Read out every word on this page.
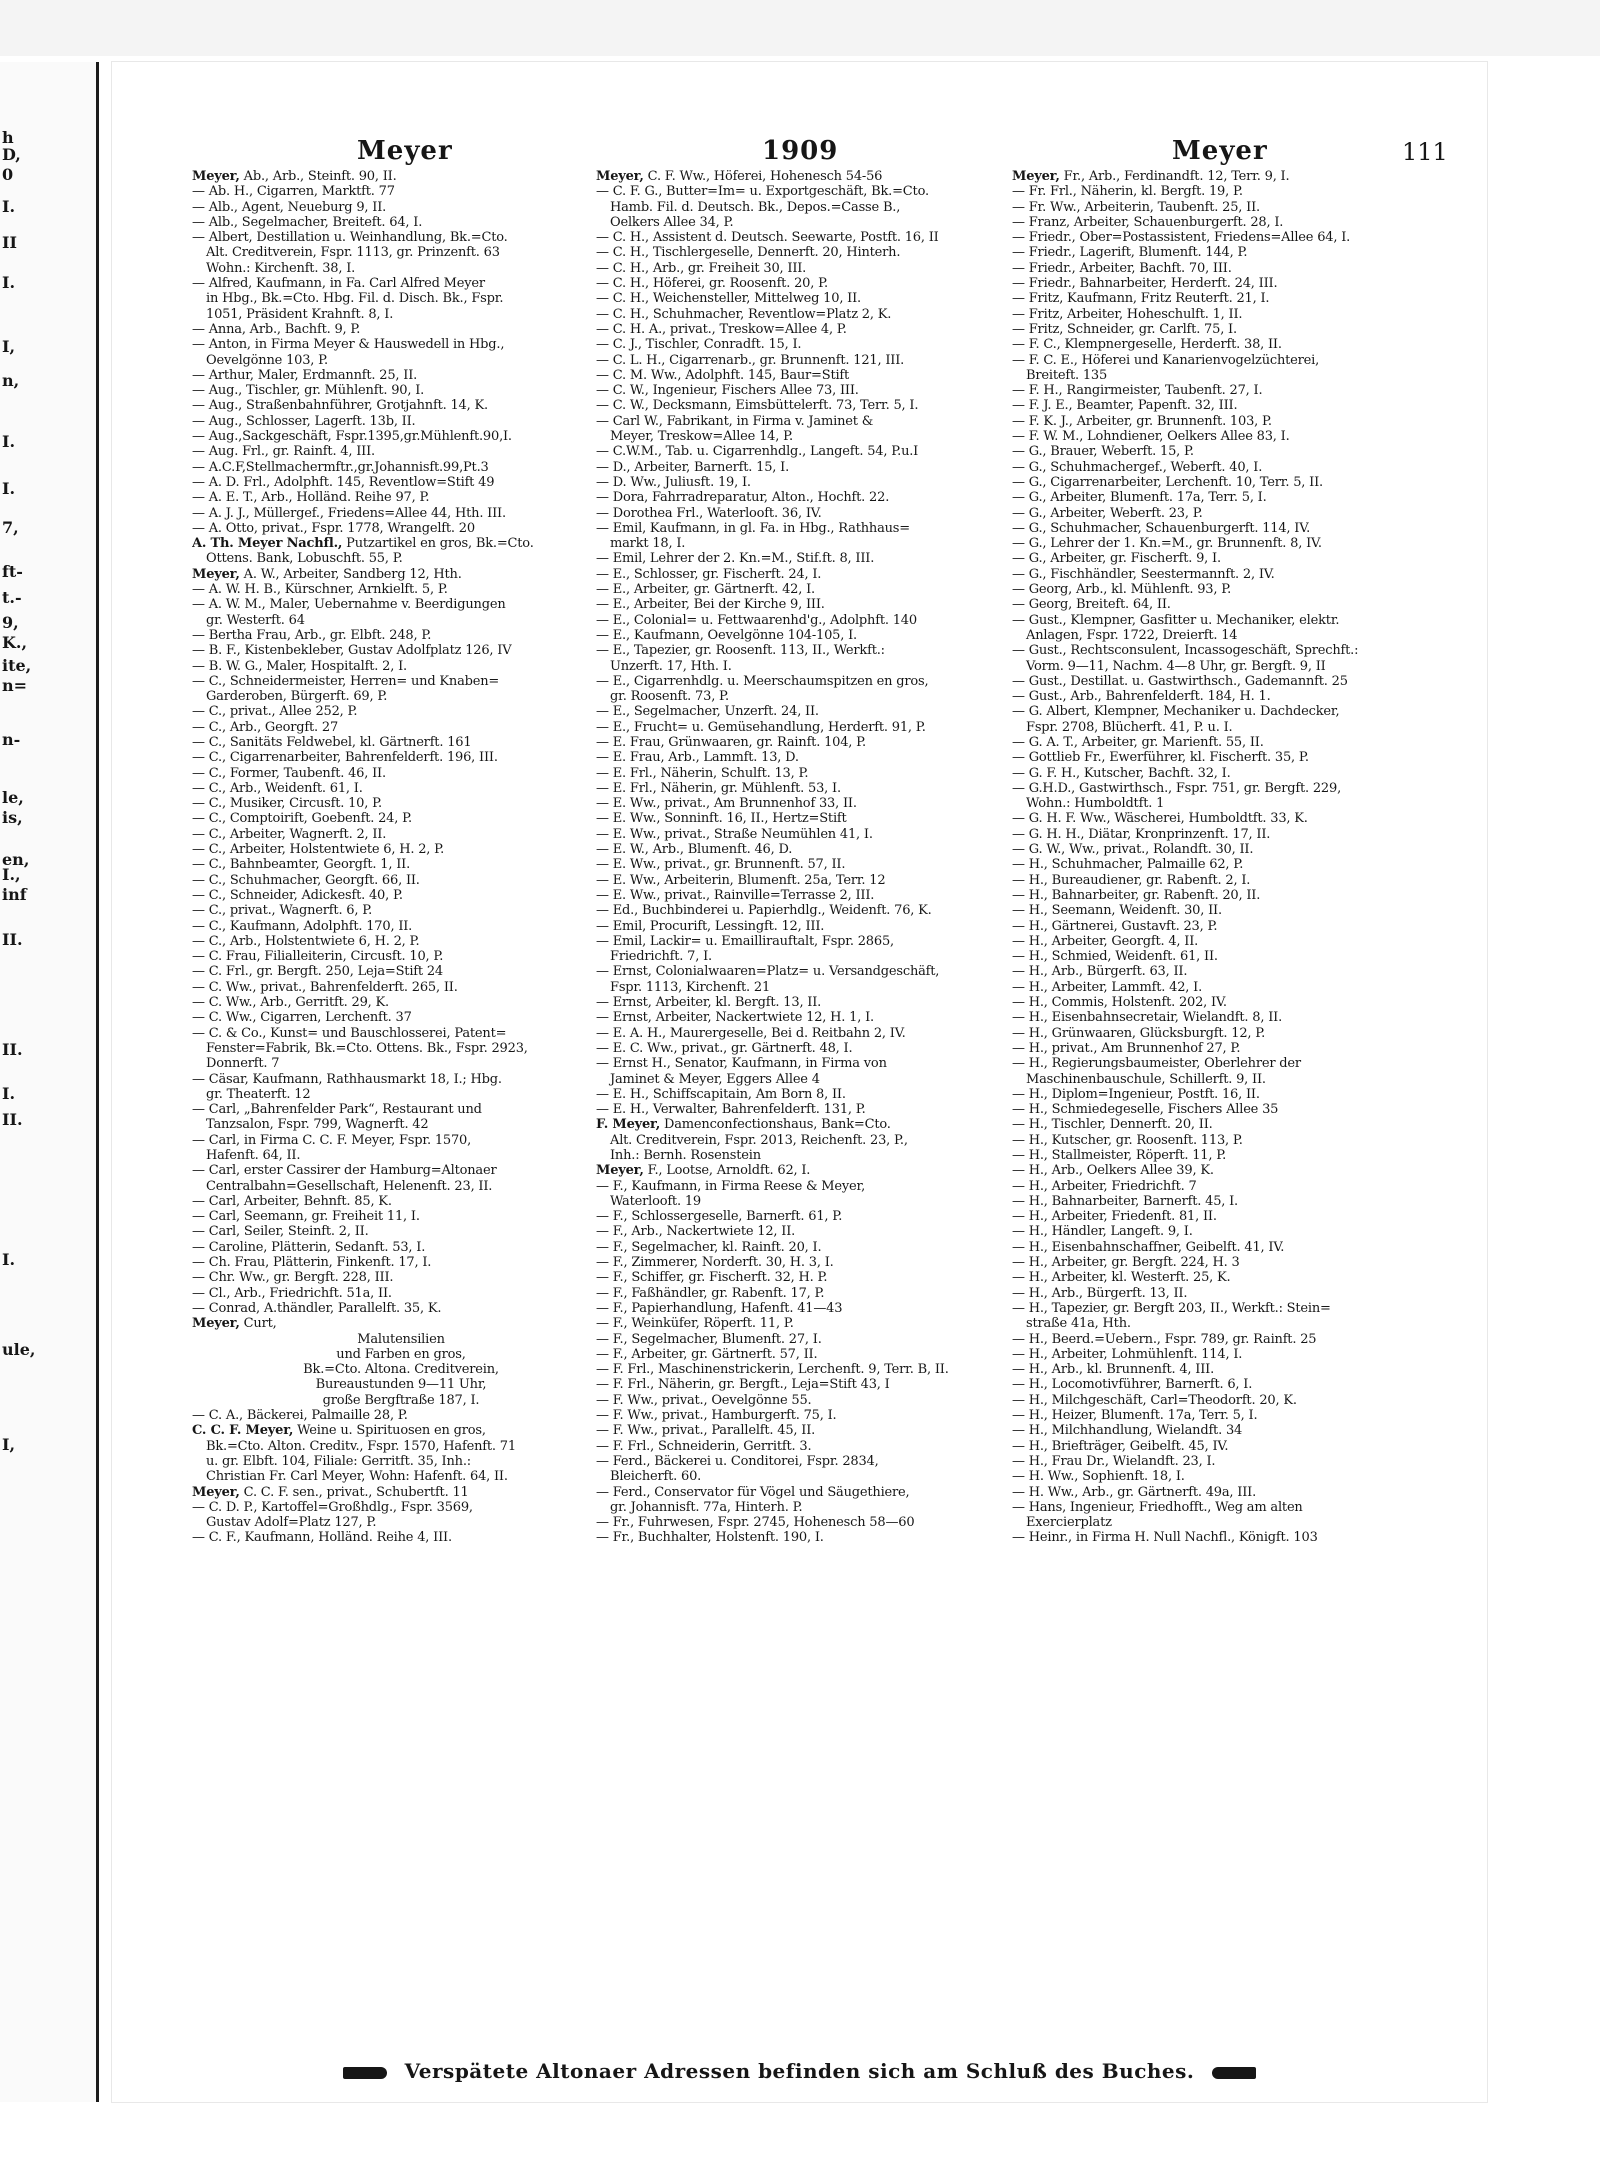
h
D,
0
I.
II
I.
I,
n,
I.
I.
7,
ft-
t.-
9,
K.,
ite,
n=
n-
le,
is,
en,
I.,
inf
II.
II.
I.
II.
I.
ule,
I,
Meyer	1909	Meyer	111
Meyer, Ab., Arb., Steinft. 90, II.
— Ab. H., Cigarren, Marktft. 77
— Alb., Agent, Neueburg 9, II.
— Alb., Segelmacher, Breiteft. 64, I.
— Albert, Destillation u. Weinhandlung, Bk.=Cto.
Alt. Creditverein, Fspr. 1113, gr. Prinzenft. 63
Wohn.: Kirchenft. 38, I.
— Alfred, Kaufmann, in Fa. Carl Alfred Meyer
in Hbg., Bk.=Cto. Hbg. Fil. d. Disch. Bk., Fspr.
1051, Präsident Krahnft. 8, I.
— Anna, Arb., Bachft. 9, P.
— Anton, in Firma Meyer & Hauswedell in Hbg.,
Oevelgönne 103, P.
— Arthur, Maler, Erdmannft. 25, II.
— Aug., Tischler, gr. Mühlenft. 90, I.
— Aug., Straßenbahnführer, Grotjahnft. 14, K.
— Aug., Schlosser, Lagerft. 13b, II.
— Aug.,Sackgeschäft, Fspr.1395,gr.Mühlenft.90,I.
— Aug. Frl., gr. Rainft. 4, III.
— A.C.F,Stellmachermftr.,gr.Johannisft.99,Pt.3
— A. D. Frl., Adolphft. 145, Reventlow=Stift 49
— A. E. T., Arb., Holländ. Reihe 97, P.
— A. J. J., Müllergef., Friedens=Allee 44, Hth. III.
— A. Otto, privat., Fspr. 1778, Wrangelft. 20
A. Th. Meyer Nachfl., Putzartikel en gros, Bk.=Cto.
Ottens. Bank, Lobuschft. 55, P.
Meyer, A. W., Arbeiter, Sandberg 12, Hth.
— A. W. H. B., Kürschner, Arnkielft. 5, P.
— A. W. M., Maler, Uebernahme v. Beerdigungen
gr. Westerft. 64
— Bertha Frau, Arb., gr. Elbft. 248, P.
— B. F., Kistenbekleber, Gustav Adolfplatz 126, IV
— B. W. G., Maler, Hospitalft. 2, I.
— C., Schneidermeister, Herren= und Knaben=
Garderoben, Bürgerft. 69, P.
— C., privat., Allee 252, P.
— C., Arb., Georgft. 27
— C., Sanitäts Feldwebel, kl. Gärtnerft. 161
— C., Cigarrenarbeiter, Bahrenfelderft. 196, III.
— C., Former, Taubenft. 46, II.
— C., Arb., Weidenft. 61, I.
— C., Musiker, Circusft. 10, P.
— C., Comptoirift, Goebenft. 24, P.
— C., Arbeiter, Wagnerft. 2, II.
— C., Arbeiter, Holstentwiete 6, H. 2, P.
— C., Bahnbeamter, Georgft. 1, II.
— C., Schuhmacher, Georgft. 66, II.
— C., Schneider, Adickesft. 40, P.
— C., privat., Wagnerft. 6, P.
— C., Kaufmann, Adolphft. 170, II.
— C., Arb., Holstentwiete 6, H. 2, P.
— C. Frau, Filialleiterin, Circusft. 10, P.
— C. Frl., gr. Bergft. 250, Leja=Stift 24
— C. Ww., privat., Bahrenfelderft. 265, II.
— C. Ww., Arb., Gerritft. 29, K.
— C. Ww., Cigarren, Lerchenft. 37
— C. & Co., Kunst= und Bauschlosserei, Patent=
Fenster=Fabrik, Bk.=Cto. Ottens. Bk., Fspr. 2923,
Donnerft. 7
— Cäsar, Kaufmann, Rathhausmarkt 18, I.; Hbg.
gr. Theaterft. 12
— Carl, „Bahrenfelder Park“, Restaurant und
Tanzsalon, Fspr. 799, Wagnerft. 42
— Carl, in Firma C. C. F. Meyer, Fspr. 1570,
Hafenft. 64, II.
— Carl, erster Cassirer der Hamburg=Altonaer
Centralbahn=Gesellschaft, Helenenft. 23, II.
— Carl, Arbeiter, Behnft. 85, K.
— Carl, Seemann, gr. Freiheit 11, I.
— Carl, Seiler, Steinft. 2, II.
— Caroline, Plätterin, Sedanft. 53, I.
— Ch. Frau, Plätterin, Finkenft. 17, I.
— Chr. Ww., gr. Bergft. 228, III.
— Cl., Arb., Friedrichft. 51a, II.
— Conrad, A.thändler, Parallelft. 35, K.
Meyer, Curt,
Malutensilien
und Farben en gros,
Bk.=Cto. Altona. Creditverein,
Bureaustunden 9—11 Uhr,
große Bergftraße 187, I.
— C. A., Bäckerei, Palmaille 28, P.
C. C. F. Meyer, Weine u. Spirituosen en gros,
Bk.=Cto. Alton. Creditv., Fspr. 1570, Hafenft. 71
u. gr. Elbft. 104, Filiale: Gerritft. 35, Inh.:
Christian Fr. Carl Meyer, Wohn: Hafenft. 64, II.
Meyer, C. C. F. sen., privat., Schubertft. 11
— C. D. P., Kartoffel=Großhdlg., Fspr. 3569,
Gustav Adolf=Platz 127, P.
— C. F., Kaufmann, Holländ. Reihe 4, III.
Meyer, C. F. Ww., Höferei, Hohenesch 54-56
— C. F. G., Butter=Im= u. Exportgeschäft, Bk.=Cto.
Hamb. Fil. d. Deutsch. Bk., Depos.=Casse B.,
Oelkers Allee 34, P.
— C. H., Assistent d. Deutsch. Seewarte, Postft. 16, II
— C. H., Tischlergeselle, Dennerft. 20, Hinterh.
— C. H., Arb., gr. Freiheit 30, III.
— C. H., Höferei, gr. Roosenft. 20, P.
— C. H., Weichensteller, Mittelweg 10, II.
— C. H., Schuhmacher, Reventlow=Platz 2, K.
— C. H. A., privat., Treskow=Allee 4, P.
— C. J., Tischler, Conradft. 15, I.
— C. L. H., Cigarrenarb., gr. Brunnenft. 121, III.
— C. M. Ww., Adolphft. 145, Baur=Stift
— C. W., Ingenieur, Fischers Allee 73, III.
— C. W., Decksmann, Eimsbüttelerft. 73, Terr. 5, I.
— Carl W., Fabrikant, in Firma v. Jaminet &
Meyer, Treskow=Allee 14, P.
— C.W.M., Tab. u. Cigarrenhdlg., Langeft. 54, P.u.I
— D., Arbeiter, Barnerft. 15, I.
— D. Ww., Juliusft. 19, I.
— Dora, Fahrradreparatur, Alton., Hochft. 22.
— Dorothea Frl., Waterlooft. 36, IV.
— Emil, Kaufmann, in gl. Fa. in Hbg., Rathhaus=
markt 18, I.
— Emil, Lehrer der 2. Kn.=M., Stif.ft. 8, III.
— E., Schlosser, gr. Fischerft. 24, I.
— E., Arbeiter, gr. Gärtnerft. 42, I.
— E., Arbeiter, Bei der Kirche 9, III.
— E., Colonial= u. Fettwaarenhd'g., Adolphft. 140
— E., Kaufmann, Oevelgönne 104-105, I.
— E., Tapezier, gr. Roosenft. 113, II., Werkft.:
Unzerft. 17, Hth. I.
— E., Cigarrenhdlg. u. Meerschaumspitzen en gros,
gr. Roosenft. 73, P.
— E., Segelmacher, Unzerft. 24, II.
— E., Frucht= u. Gemüsehandlung, Herderft. 91, P.
— E. Frau, Grünwaaren, gr. Rainft. 104, P.
— E. Frau, Arb., Lammft. 13, D.
— E. Frl., Näherin, Schulft. 13, P.
— E. Frl., Näherin, gr. Mühlenft. 53, I.
— E. Ww., privat., Am Brunnenhof 33, II.
— E. Ww., Sonninft. 16, II., Hertz=Stift
— E. Ww., privat., Straße Neumühlen 41, I.
— E. W., Arb., Blumenft. 46, D.
— E. Ww., privat., gr. Brunnenft. 57, II.
— E. Ww., Arbeiterin, Blumenft. 25a, Terr. 12
— E. Ww., privat., Rainville=Terrasse 2, III.
— Ed., Buchbinderei u. Papierhdlg., Weidenft. 76, K.
— Emil, Procurift, Lessingft. 12, III.
— Emil, Lackir= u. Emaillirauftalt, Fspr. 2865,
Friedrichft. 7, I.
— Ernst, Colonialwaaren=Platz= u. Versandgeschäft,
Fspr. 1113, Kirchenft. 21
— Ernst, Arbeiter, kl. Bergft. 13, II.
— Ernst, Arbeiter, Nackertwiete 12, H. 1, I.
— E. A. H., Maurergeselle, Bei d. Reitbahn 2, IV.
— E. C. Ww., privat., gr. Gärtnerft. 48, I.
— Ernst H., Senator, Kaufmann, in Firma von
Jaminet & Meyer, Eggers Allee 4
— E. H., Schiffscapitain, Am Born 8, II.
— E. H., Verwalter, Bahrenfelderft. 131, P.
F. Meyer, Damenconfectionshaus, Bank=Cto.
Alt. Creditverein, Fspr. 2013, Reichenft. 23, P.,
Inh.: Bernh. Rosenstein
Meyer, F., Lootse, Arnoldft. 62, I.
— F., Kaufmann, in Firma Reese & Meyer,
Waterlooft. 19
— F., Schlossergeselle, Barnerft. 61, P.
— F., Arb., Nackertwiete 12, II.
— F., Segelmacher, kl. Rainft. 20, I.
— F., Zimmerer, Norderft. 30, H. 3, I.
— F., Schiffer, gr. Fischerft. 32, H. P.
— F., Faßhändler, gr. Rabenft. 17, P.
— F., Papierhandlung, Hafenft. 41—43
— F., Weinküfer, Röperft. 11, P.
— F., Segelmacher, Blumenft. 27, I.
— F., Arbeiter, gr. Gärtnerft. 57, II.
— F. Frl., Maschinenstrickerin, Lerchenft. 9, Terr. B, II.
— F. Frl., Näherin, gr. Bergft., Leja=Stift 43, I
— F. Ww., privat., Oevelgönne 55.
— F. Ww., privat., Hamburgerft. 75, I.
— F. Ww., privat., Parallelft. 45, II.
— F. Frl., Schneiderin, Gerritft. 3.
— Ferd., Bäckerei u. Conditorei, Fspr. 2834,
Bleicherft. 60.
— Ferd., Conservator für Vögel und Säugethiere,
gr. Johannisft. 77a, Hinterh. P.
— Fr., Fuhrwesen, Fspr. 2745, Hohenesch 58—60
— Fr., Buchhalter, Holstenft. 190, I.
Meyer, Fr., Arb., Ferdinandft. 12, Terr. 9, I.
— Fr. Frl., Näherin, kl. Bergft. 19, P.
— Fr. Ww., Arbeiterin, Taubenft. 25, II.
— Franz, Arbeiter, Schauenburgerft. 28, I.
— Friedr., Ober=Postassistent, Friedens=Allee 64, I.
— Friedr., Lagerift, Blumenft. 144, P.
— Friedr., Arbeiter, Bachft. 70, III.
— Friedr., Bahnarbeiter, Herderft. 24, III.
— Fritz, Kaufmann, Fritz Reuterft. 21, I.
— Fritz, Arbeiter, Hoheschulft. 1, II.
— Fritz, Schneider, gr. Carlft. 75, I.
— F. C., Klempnergeselle, Herderft. 38, II.
— F. C. E., Höferei und Kanarienvogelzüchterei,
Breiteft. 135
— F. H., Rangirmeister, Taubenft. 27, I.
— F. J. E., Beamter, Papenft. 32, III.
— F. K. J., Arbeiter, gr. Brunnenft. 103, P.
— F. W. M., Lohndiener, Oelkers Allee 83, I.
— G., Brauer, Weberft. 15, P.
— G., Schuhmachergef., Weberft. 40, I.
— G., Cigarrenarbeiter, Lerchenft. 10, Terr. 5, II.
— G., Arbeiter, Blumenft. 17a, Terr. 5, I.
— G., Arbeiter, Weberft. 23, P.
— G., Schuhmacher, Schauenburgerft. 114, IV.
— G., Lehrer der 1. Kn.=M., gr. Brunnenft. 8, IV.
— G., Arbeiter, gr. Fischerft. 9, I.
— G., Fischhändler, Seestermannft. 2, IV.
— Georg, Arb., kl. Mühlenft. 93, P.
— Georg, Breiteft. 64, II.
— Gust., Klempner, Gasfitter u. Mechaniker, elektr.
Anlagen, Fspr. 1722, Dreierft. 14
— Gust., Rechtsconsulent, Incassogeschäft, Sprechft.:
Vorm. 9—11, Nachm. 4—8 Uhr, gr. Bergft. 9, II
— Gust., Destillat. u. Gastwirthsch., Gademannft. 25
— Gust., Arb., Bahrenfelderft. 184, H. 1.
— G. Albert, Klempner, Mechaniker u. Dachdecker,
Fspr. 2708, Blücherft. 41, P. u. I.
— G. A. T., Arbeiter, gr. Marienft. 55, II.
— Gottlieb Fr., Ewerführer, kl. Fischerft. 35, P.
— G. F. H., Kutscher, Bachft. 32, I.
— G.H.D., Gastwirthsch., Fspr. 751, gr. Bergft. 229,
Wohn.: Humboldtft. 1
— G. H. F. Ww., Wäscherei, Humboldtft. 33, K.
— G. H. H., Diätar, Kronprinzenft. 17, II.
— G. W., Ww., privat., Rolandft. 30, II.
— H., Schuhmacher, Palmaille 62, P.
— H., Bureaudiener, gr. Rabenft. 2, I.
— H., Bahnarbeiter, gr. Rabenft. 20, II.
— H., Seemann, Weidenft. 30, II.
— H., Gärtnerei, Gustavft. 23, P.
— H., Arbeiter, Georgft. 4, II.
— H., Schmied, Weidenft. 61, II.
— H., Arb., Bürgerft. 63, II.
— H., Arbeiter, Lammft. 42, I.
— H., Commis, Holstenft. 202, IV.
— H., Eisenbahnsecretair, Wielandft. 8, II.
— H., Grünwaaren, Glücksburgft. 12, P.
— H., privat., Am Brunnenhof 27, P.
— H., Regierungsbaumeister, Oberlehrer der
Maschinenbauschule, Schillerft. 9, II.
— H., Diplom=Ingenieur, Postft. 16, II.
— H., Schmiedegeselle, Fischers Allee 35
— H., Tischler, Dennerft. 20, II.
— H., Kutscher, gr. Roosenft. 113, P.
— H., Stallmeister, Röperft. 11, P.
— H., Arb., Oelkers Allee 39, K.
— H., Arbeiter, Friedrichft. 7
— H., Bahnarbeiter, Barnerft. 45, I.
— H., Arbeiter, Friedenft. 81, II.
— H., Händler, Langeft. 9, I.
— H., Eisenbahnschaffner, Geibelft. 41, IV.
— H., Arbeiter, gr. Bergft. 224, H. 3
— H., Arbeiter, kl. Westerft. 25, K.
— H., Arb., Bürgerft. 13, II.
— H., Tapezier, gr. Bergft 203, II., Werkft.: Stein=
straße 41a, Hth.
— H., Beerd.=Uebern., Fspr. 789, gr. Rainft. 25
— H., Arbeiter, Lohmühlenft. 114, I.
— H., Arb., kl. Brunnenft. 4, III.
— H., Locomotivführer, Barnerft. 6, I.
— H., Milchgeschäft, Carl=Theodorft. 20, K.
— H., Heizer, Blumenft. 17a, Terr. 5, I.
— H., Milchhandlung, Wielandft. 34
— H., Briefträger, Geibelft. 45, IV.
— H., Frau Dr., Wielandft. 23, I.
— H. Ww., Sophienft. 18, I.
— H. Ww., Arb., gr. Gärtnerft. 49a, III.
— Hans, Ingenieur, Friedhofft., Weg am alten
Exercierplatz
— Heinr., in Firma H. Null Nachfl., Königft. 103
Verspätete Altonaer Adressen befinden sich am Schluß des Buches.
